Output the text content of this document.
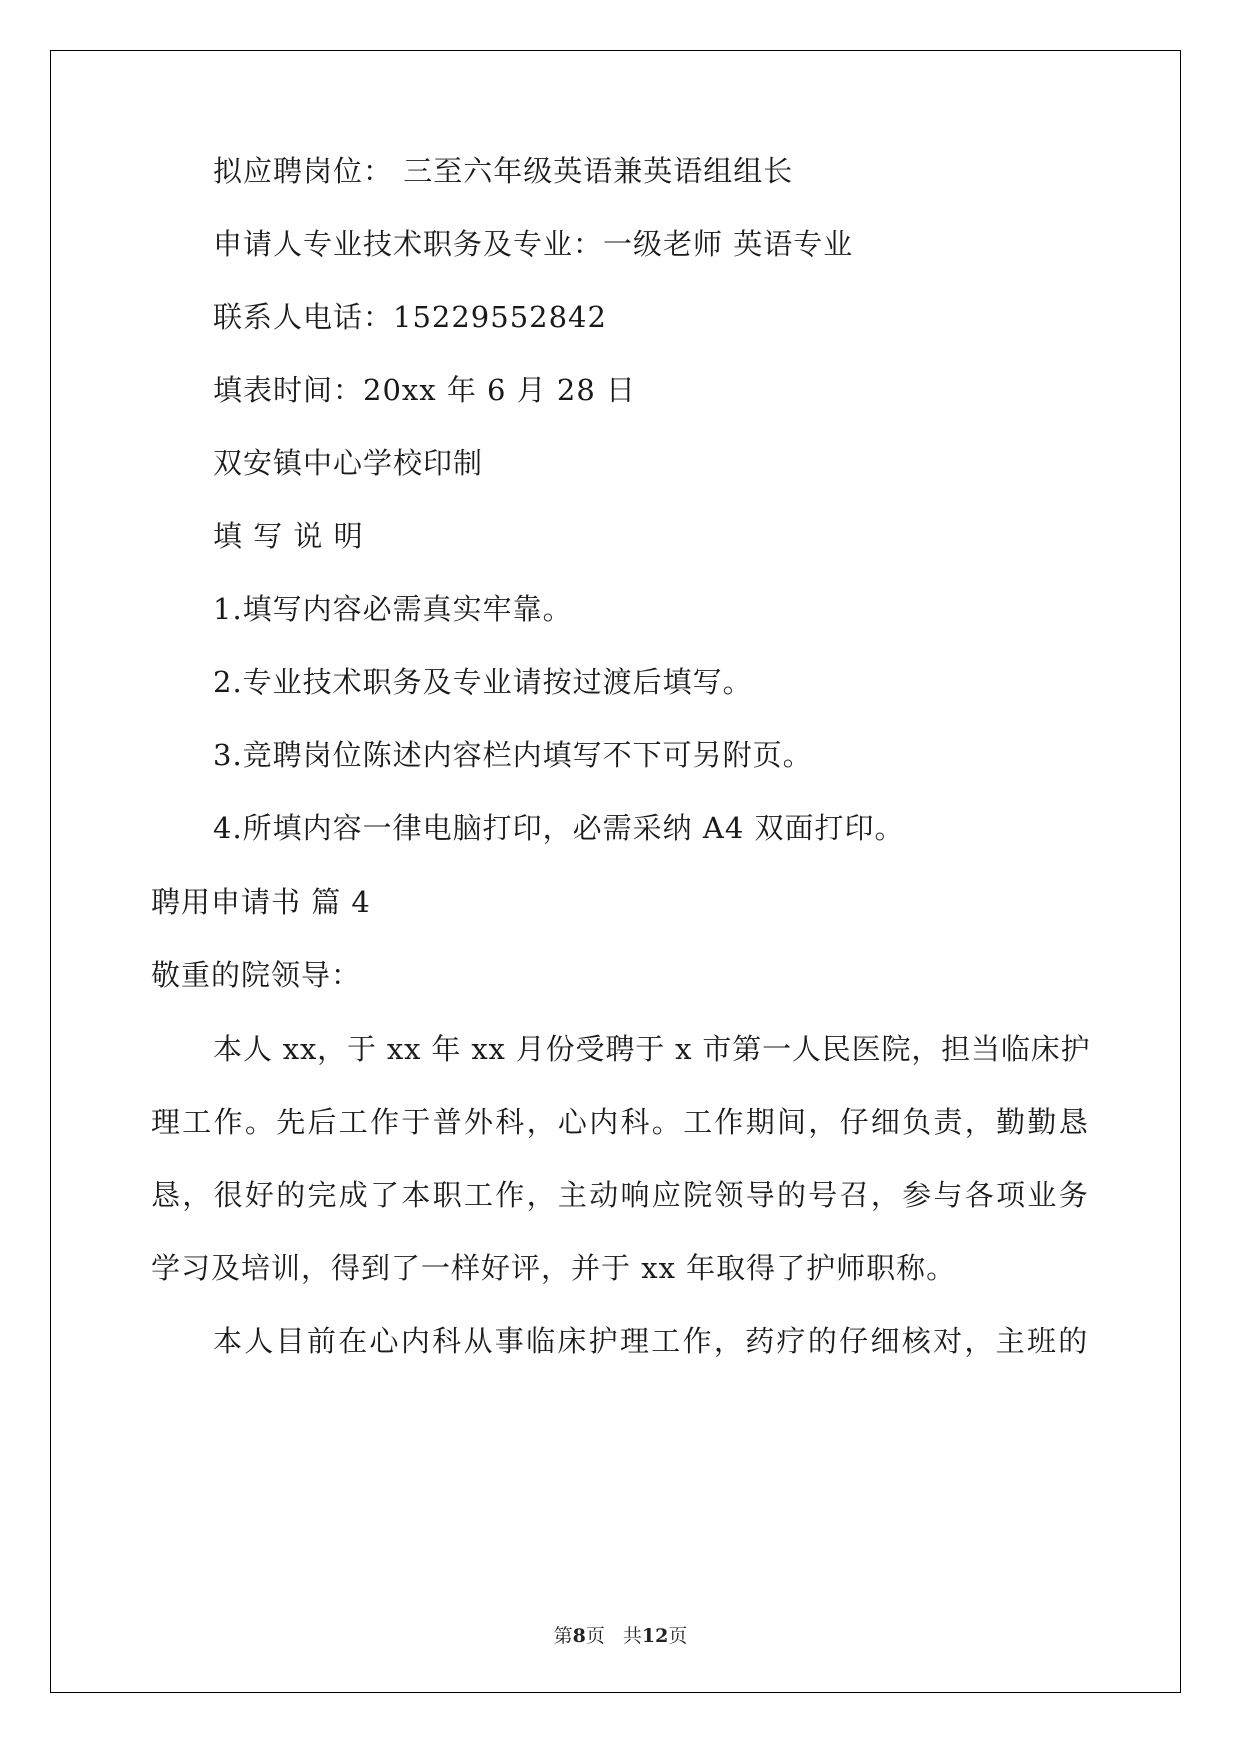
拟应聘岗位： 三至六年级英语兼英语组组长
申请人专业技术职务及专业：一级老师 英语专业
联系人电话：15229552842
填表时间：20xx 年 6 月 28 日
双安镇中心学校印制
填 写 说 明
1.填写内容必需真实牢靠。
2.专业技术职务及专业请按过渡后填写。
3.竞聘岗位陈述内容栏内填写不下可另附页。
4.所填内容一律电脑打印，必需采纳 A4 双面打印。
聘用申请书 篇 4
敬重的院领导：
本人 xx，于 xx 年 xx 月份受聘于 x 市第一人民医院，担当临床护
理工作。先后工作于普外科，心内科。工作期间，仔细负责，勤勤恳
恳，很好的完成了本职工作，主动响应院领导的号召，参与各项业务
学习及培训，得到了一样好评，并于 xx 年取得了护师职称。
本人目前在心内科从事临床护理工作，药疗的仔细核对，主班的
第8页 共12页
